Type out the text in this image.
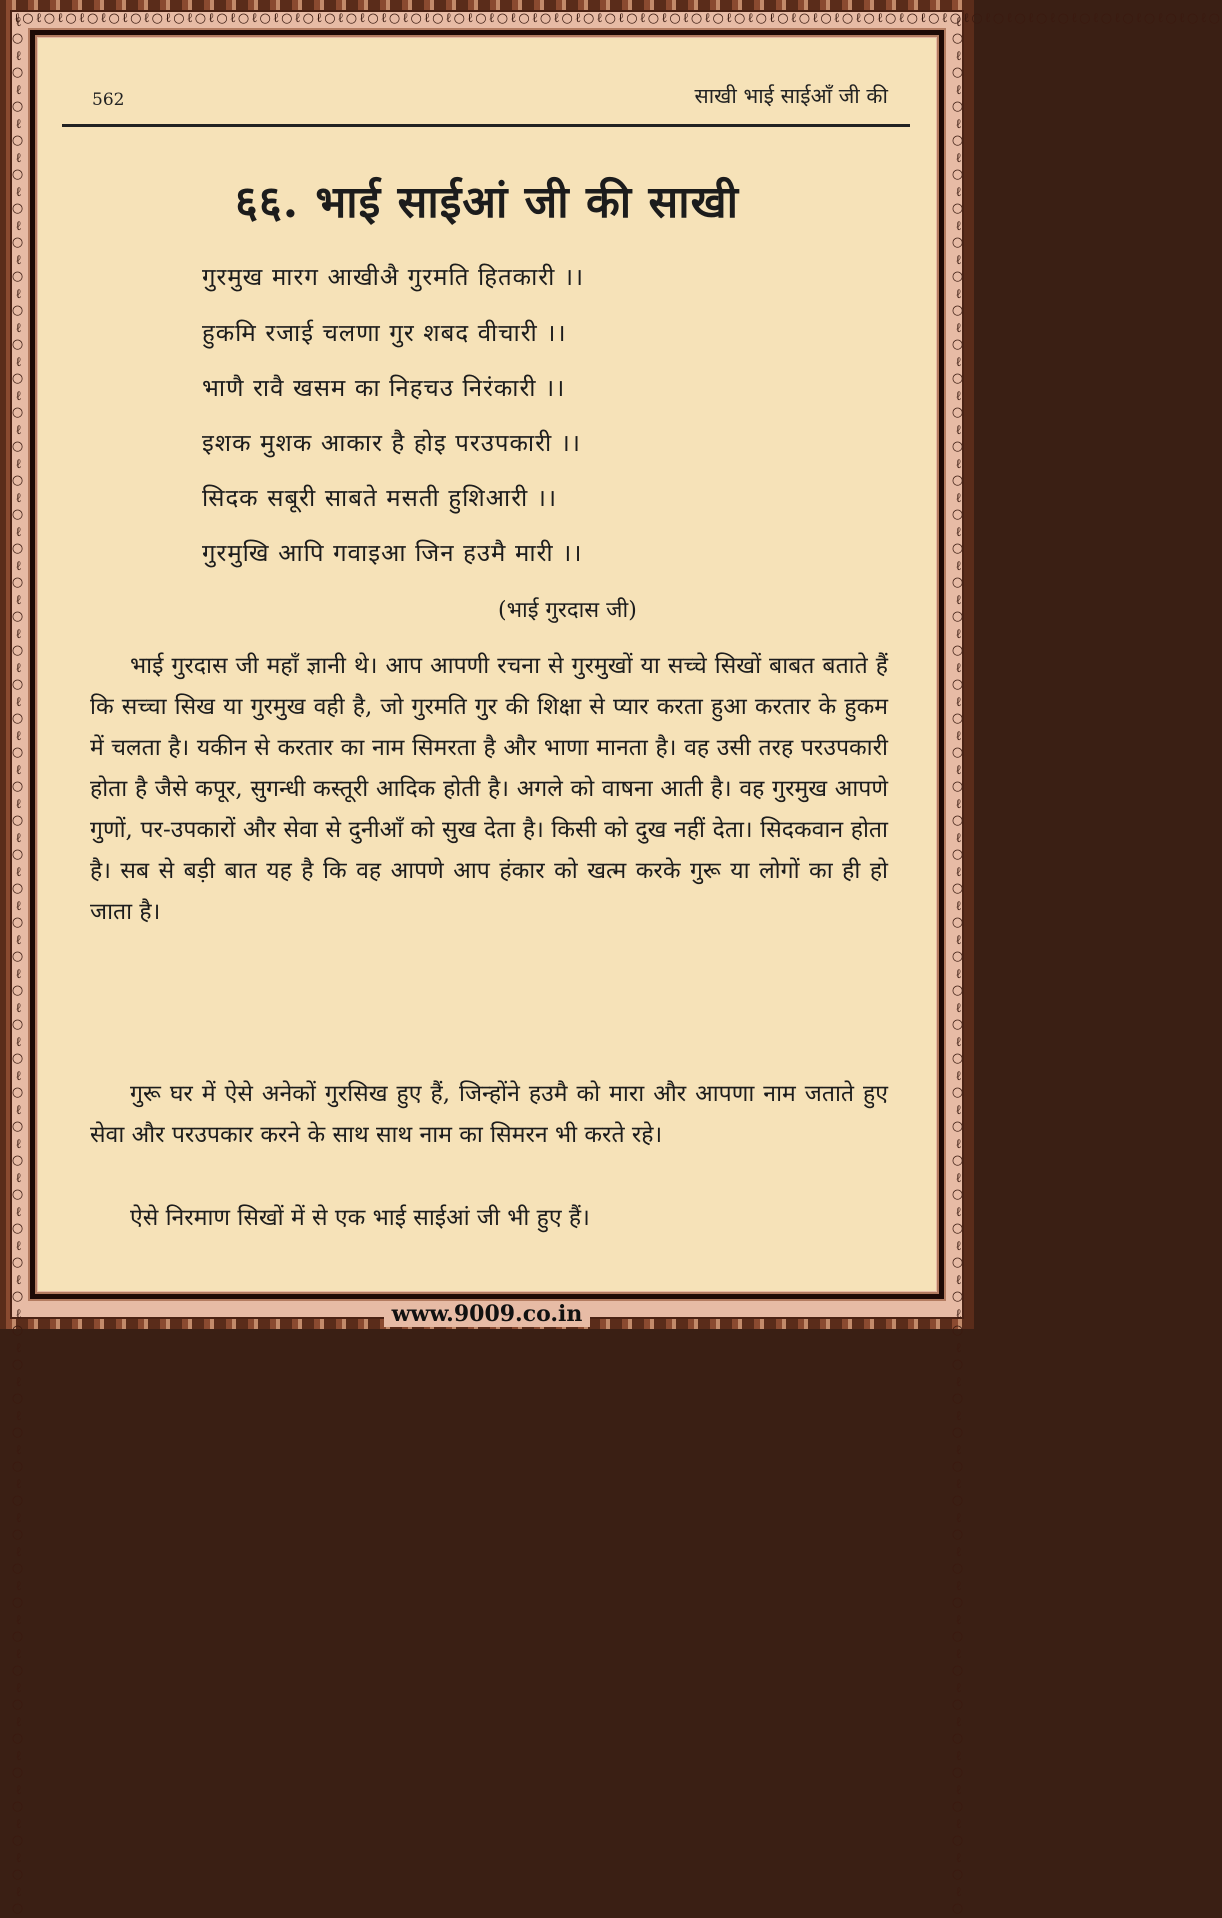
ℓ○ℓ○ℓ○ℓ○ℓ○ℓ○ℓ○ℓ○ℓ○ℓ○ℓ○ℓ○ℓ○ℓ○ℓ○ℓ○ℓ○ℓ○ℓ○ℓ○ℓ○ℓ○ℓ○ℓ○ℓ○ℓ○ℓ○ℓ○ℓ○ℓ○ℓ○ℓ○ℓ○ℓ○ℓ○ℓ○ℓ○ℓ○ℓ○ℓ○ℓ○ℓ○ℓ○ℓ○ℓ○ℓ○ℓ○ℓ○ℓ○ℓ○ℓ○ℓ○ℓ○ℓ○ℓ○ℓ○
ℓ○ℓ○ℓ○ℓ○ℓ○ℓ○ℓ○ℓ○ℓ○ℓ○ℓ○ℓ○ℓ○ℓ○ℓ○ℓ○ℓ○ℓ○ℓ○ℓ○ℓ○ℓ○ℓ○ℓ○ℓ○ℓ○ℓ○ℓ○ℓ○ℓ○ℓ○ℓ○ℓ○ℓ○ℓ○ℓ○ℓ○ℓ○ℓ○ℓ○ℓ○ℓ○ℓ○ℓ○ℓ○ℓ○ℓ○ℓ○ℓ○ℓ○ℓ○ℓ○ℓ○ℓ○ℓ○ℓ○	ℓ○ℓ○ℓ○ℓ○ℓ○ℓ○ℓ○ℓ○ℓ○ℓ○ℓ○ℓ○ℓ○ℓ○ℓ○ℓ○ℓ○ℓ○ℓ○ℓ○ℓ○ℓ○ℓ○ℓ○ℓ○ℓ○ℓ○ℓ○ℓ○ℓ○ℓ○ℓ○ℓ○ℓ○ℓ○ℓ○ℓ○ℓ○ℓ○ℓ○ℓ○ℓ○ℓ○ℓ○ℓ○ℓ○ℓ○ℓ○ℓ○ℓ○ℓ○ℓ○ℓ○ℓ○ℓ○ℓ○
562	साखी भाई साईआँ जी की
६६. भाई साईआं जी की साखी
गुरमुख मारग आखीअै गुरमति हितकारी ।।
हुकमि रजाई चलणा गुर शबद वीचारी ।।
भाणै रावै खसम का निहचउ निरंकारी ।।
इशक मुशक आकार है होइ परउपकारी ।।
सिदक सबूरी साबते मसती हुशिआरी ।।
गुरमुखि आपि गवाइआ जिन हउमै मारी ।।
(भाई गुरदास जी)
भाई गुरदास जी महाँ ज्ञानी थे। आप आपणी रचना से गुरमुखों या सच्चे सिखों बाबत बताते हैं कि सच्चा सिख या गुरमुख वही है, जो गुरमति गुर की शिक्षा से प्यार करता हुआ करतार के हुकम में चलता है। यकीन से करतार का नाम सिमरता है और भाणा मानता है। वह उसी तरह परउपकारी होता है जैसे कपूर, सुगन्धी कस्तूरी आदिक होती है। अगले को वाषना आती है। वह गुरमुख आपणे गुणों, पर-उपकारों और सेवा से दुनीआँ को सुख देता है। किसी को दुख नहीं देता। सिदकवान होता है। सब से बड़ी बात यह है कि वह आपणे आप हंकार को खत्म करके गुरू या लोगों का ही हो जाता है।
गुरू घर में ऐसे अनेकों गुरसिख हुए हैं, जिन्होंने हउमै को मारा और आपणा नाम जताते हुए सेवा और परउपकार करने के साथ साथ नाम का सिमरन भी करते रहे।
ऐसे निरमाण सिखों में से एक भाई साईआं जी भी हुए हैं।
www.9009.co.in
